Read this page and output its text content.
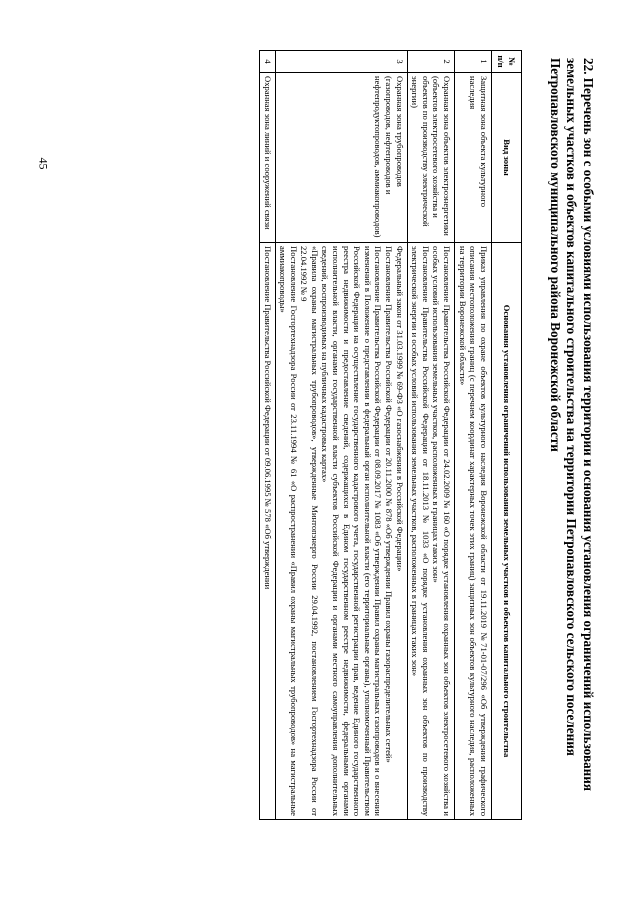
22. Перечень зон с особыми условиями использования территории и основания установления ограничений использования земельных участков и объектов капитального строительства на территории Петропавловского сельского поселения Петропавловского муниципального района Воронежской области
№ п/п	Вид зоны	Основания установления ограничений использования земельных участков и объектов капитального строительства
1	Защитная зона объекта культурного наследия	Приказ управления по охране объектов культурного наследия Воронежской области от 19.11.2019 №71-01-07/296 «Об утверждении графического описания местоположения границ (с перечнем координат характерных точек этих границ) защитных зон объектов культурного наследия, расположенных на территории Воронежской области»

2	Охранная зона объектов электроэнергетики (объектов электросетевого хозяйства и объектов по производству электрической энергии)	Постановление Правительства Российской Федерации от 24.02.2009 № 160 «О порядке установления охранных зон объектов электросетевого хозяйства и особых условий использования земельных участков, расположенных в границах таких зон»

Постановление Правительства Российской Федерации от 18.11.2013 № 1033 «О порядке установления охранных зон объектов по производству электрической энергии и особых условий использования земельных участков, расположенных в границах таких зон»

3	Охранная зона трубопроводов (газопроводов, нефтепроводов и нефтепродуктопроводов, аммиакопроводов)	Федеральный закон от 31.03.1999 № 69-ФЗ «О газоснабжении в Российской Федерации»

Постановление Правительства Российской Федерации от 20.11.2000 № 878 «Об утверждении Правил охраны газораспределительных сетей»

Постановление Правительства Российской Федерации от 08.09.2017 № 1083 «Об утверждении Правил охраны магистральных газопроводов и о внесении изменений в Положение о представлении в федеральный орган исполнительной власти (его территориальные органы), уполномоченный Правительством Российской Федерации на осуществление государственного кадастрового учета, государственной регистрации прав, ведение Единого государственного реестра недвижимости и предоставление сведений, содержащихся в Едином государственном реестре недвижимости, федеральными органами исполнительной власти, органами государственной власти субъектов Российской Федерации и органами местного самоуправления дополнительных сведений, воспроизводимых на публичных кадастровых картах»

«Правила охраны магистральных трубопроводов», утвержденные Минтопэнерго России 29.04.1992, постановлением Госгортехнадзора России от 22.04.1992 № 9

Постановление Госгортехнадзора России от 23.11.1994 № 61 «О распространении «Правил охраны магистральных трубопроводов» на магистральные аммиакопроводы»

4	Охранная зона линий и сооружений связи	Постановление Правительства Российской Федерации от 09.06.1995 № 578 «Об утверждении

45
